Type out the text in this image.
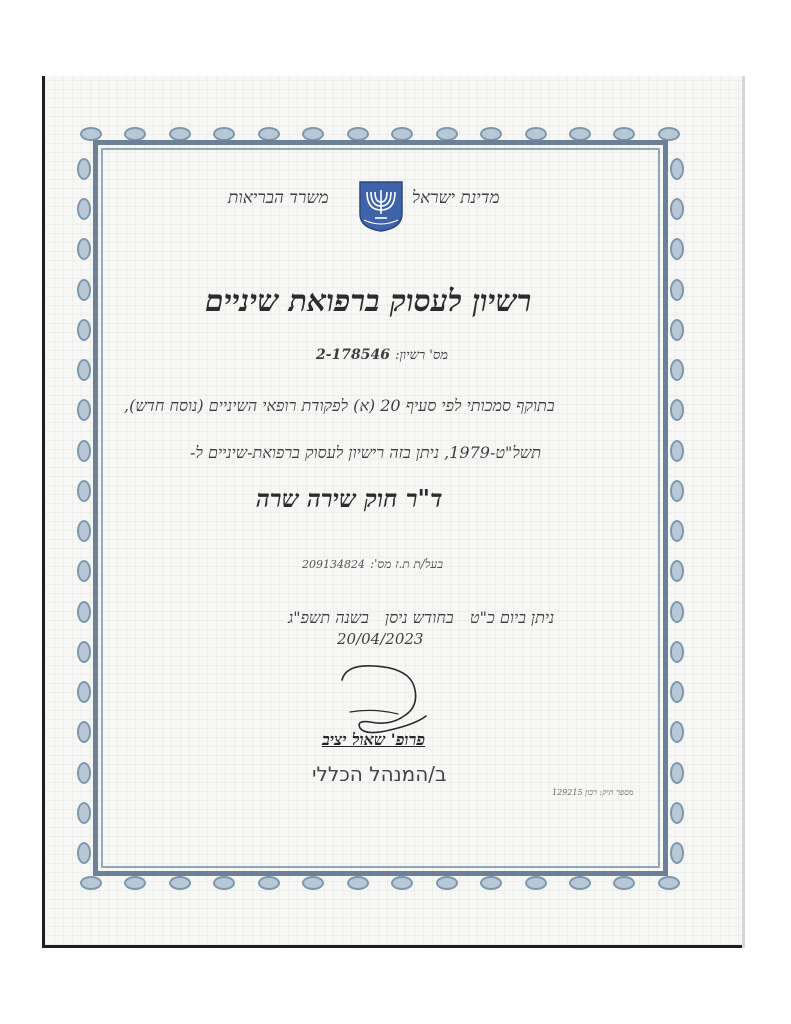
מדינת ישראל
משרד הבריאות
רשיון לעסוק ברפואת שיניים
מס' רשיון: 2-178546
בתוקף סמכותי לפי סעיף 20 (א) לפקודת רופאי השיניים (נוסח חדש),
תשל"ט-1979, ניתן בזה רישיון לעסוק ברפואת-שיניים ל-
ד"ר חוק שירה שרה
בעל/ת ת.ז מס': 209134824
ניתן ביום כ"ט
בחודש ניסן
בשנה תשפ"ג
20/04/2023
פרופ' שאול יציב
ב/המנהל הכללי
מספר תיק: רבון 129215
